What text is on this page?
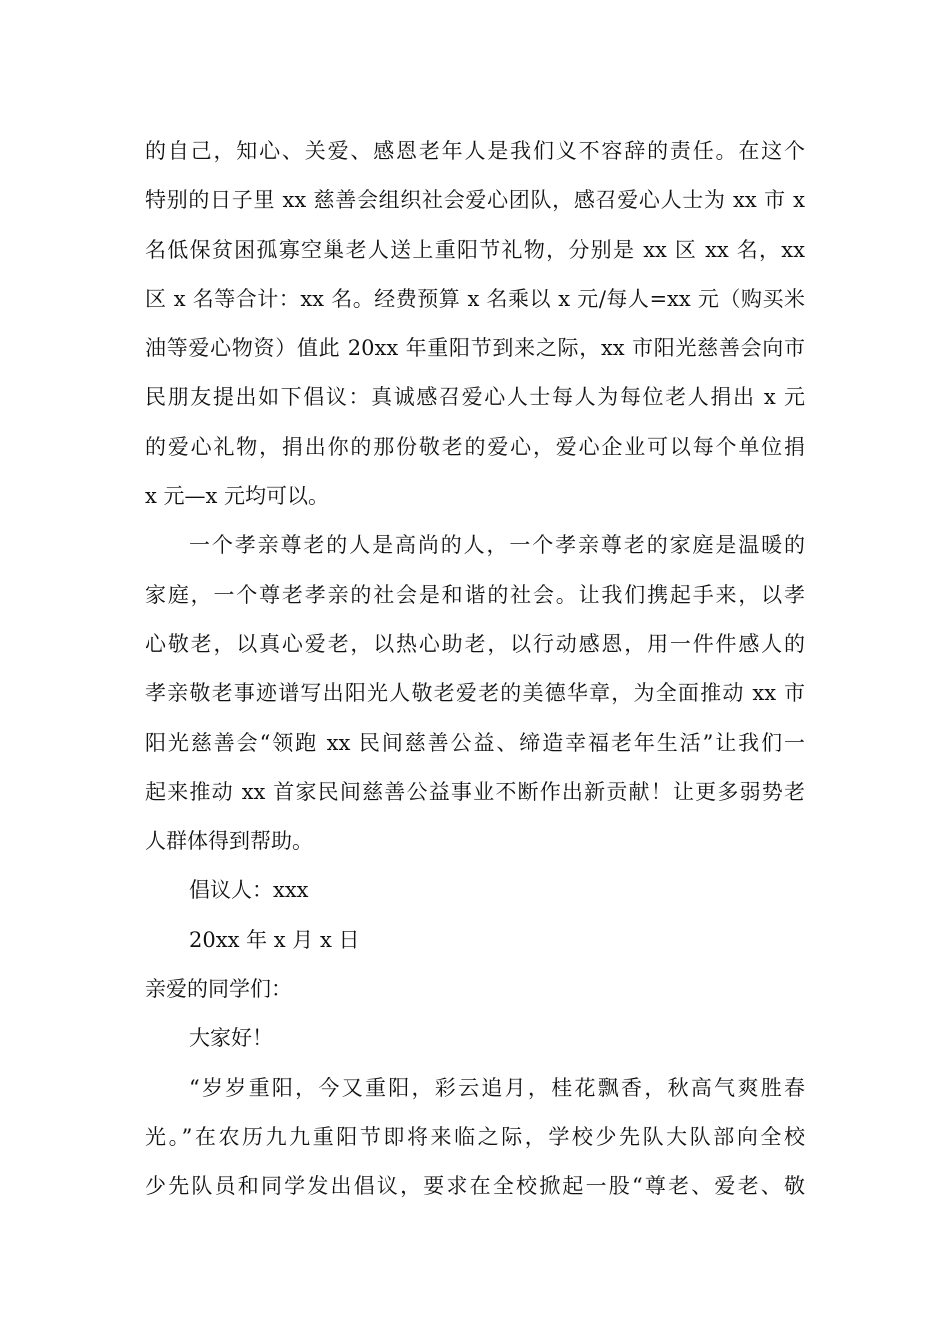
的自己，知心、关爱、感恩老年人是我们义不容辞的责任。在这个
特别的日子里 xx 慈善会组织社会爱心团队，感召爱心人士为 xx 市 x
名低保贫困孤寡空巢老人送上重阳节礼物，分别是 xx 区 xx 名，xx
区 x 名等合计：xx 名。经费预算 x 名乘以 x 元/每人=xx 元（购买米
油等爱心物资）值此 20xx 年重阳节到来之际，xx 市阳光慈善会向市
民朋友提出如下倡议：真诚感召爱心人士每人为每位老人捐出 x 元
的爱心礼物，捐出你的那份敬老的爱心，爱心企业可以每个单位捐
x 元—x 元均可以。
一个孝亲尊老的人是高尚的人，一个孝亲尊老的家庭是温暖的
家庭，一个尊老孝亲的社会是和谐的社会。让我们携起手来，以孝
心敬老，以真心爱老，以热心助老，以行动感恩，用一件件感人的
孝亲敬老事迹谱写出阳光人敬老爱老的美德华章，为全面推动 xx 市
阳光慈善会“领跑 xx 民间慈善公益、缔造幸福老年生活”让我们一
起来推动 xx 首家民间慈善公益事业不断作出新贡献！让更多弱势老
人群体得到帮助。
倡议人：xxx
20xx 年 x 月 x 日
亲爱的同学们：
大家好！
“岁岁重阳，今又重阳，彩云追月，桂花飘香，秋高气爽胜春
光。”在农历九九重阳节即将来临之际，学校少先队大队部向全校
少先队员和同学发出倡议，要求在全校掀起一股“尊老、爱老、敬
